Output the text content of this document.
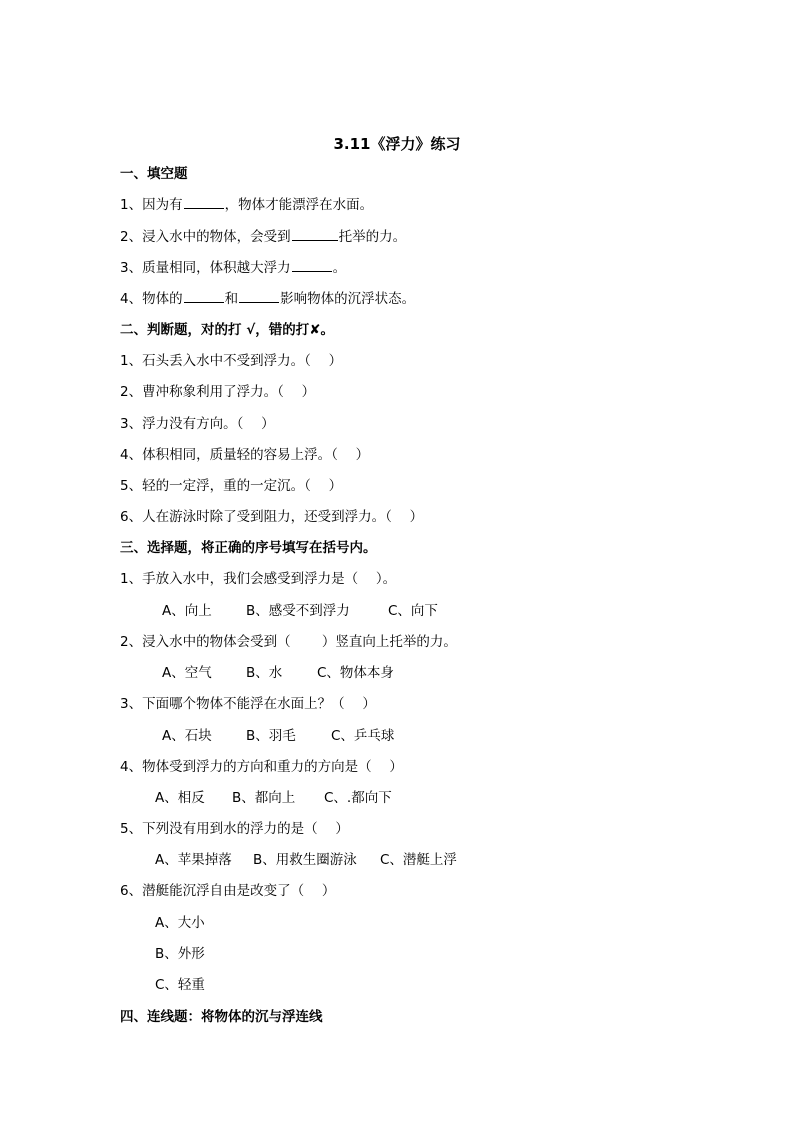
3.11《浮力》练习

一、填空题

1、因为有	，物体才能漂浮在水面。

2、浸入水中的物体，会受到	托举的力。

3、质量相同，体积越大浮力	。

4、物体的	和	影响物体的沉浮状态。

二、判断题，对的打 √，错的打✘。

1、石头丢入水中不受到浮力。（　 ）

2、曹冲称象利用了浮力。（　 ）

3、浮力没有方向。（　 ）

4、体积相同，质量轻的容易上浮。（　 ）

5、轻的一定浮，重的一定沉。（　 ）

6、人在游泳时除了受到阻力，还受到浮力。（　 ）

三、选择题，将正确的序号填写在括号内。

1、手放入水中，我们会感受到浮力是（　 ）。

A、向上	B、感受不到浮力	C、向下

2、浸入水中的物体会受到（　 　）竖直向上托举的力。

A、空气	B、水	C、物体本身

3、下面哪个物体不能浮在水面上？（　 ）

A、石块	B、羽毛	C、乒乓球

4、物体受到浮力的方向和重力的方向是（　 ）

A、相反 B、都向上 C、.都向下

5、下列没有用到水的浮力的是（　 ）

A、苹果掉落 B、用救生圈游泳 C、潜艇上浮

6、潜艇能沉浮自由是改变了（　 ）

A、大小
B、外形
C、轻重

四、连线题：将物体的沉与浮连线
